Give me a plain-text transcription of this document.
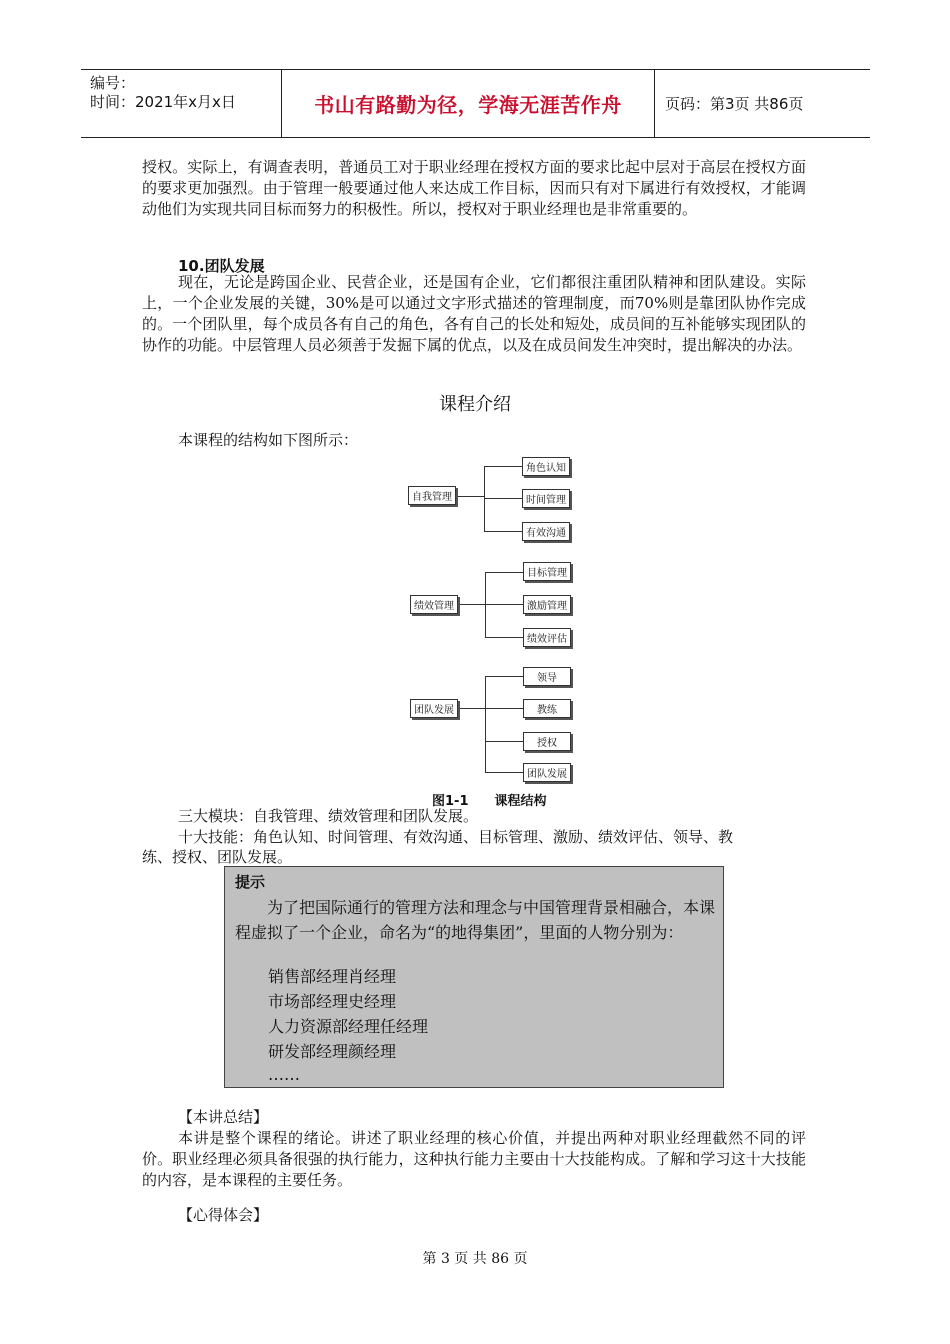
编号：
时间：2021年x月x日	书山有路勤为径，学海无涯苦作舟	页码：第3页 共86页

授权。实际上，有调查表明，普通员工对于职业经理在授权方面的要求比起中层对于高层在授权方面的要求更加强烈。由于管理一般要通过他人来达成工作目标，因而只有对下属进行有效授权，才能调动他们为实现共同目标而努力的积极性。所以，授权对于职业经理也是非常重要的。

10.团队发展

现在，无论是跨国企业、民营企业，还是国有企业，它们都很注重团队精神和团队建设。实际上，一个企业发展的关键，30%是可以通过文字形式描述的管理制度，而70%则是靠团队协作完成的。一个团队里，每个成员各有自己的角色，各有自己的长处和短处，成员间的互补能够实现团队的协作的功能。中层管理人员必须善于发掘下属的优点，以及在成员间发生冲突时，提出解决的办法。

课程介绍
本课程的结构如下图所示：
自我管理
角色认知
时间管理
有效沟通
绩效管理
目标管理
激励管理
绩效评估
团队发展
领导
教练
授权
团队发展
图1-1 课程结构
三大模块：自我管理、绩效管理和团队发展。
十大技能：角色认知、时间管理、有效沟通、目标管理、激励、绩效评估、领导、教
练、授权、团队发展。
提示

为了把国际通行的管理方法和理念与中国管理背景相融合，本课程虚拟了一个企业，命名为“的地得集团”，里面的人物分别为：

销售部经理肖经理
市场部经理史经理
人力资源部经理任经理
研发部经理颜经理
……
【本讲总结】

本讲是整个课程的绪论。讲述了职业经理的核心价值，并提出两种对职业经理截然不同的评价。职业经理必须具备很强的执行能力，这种执行能力主要由十大技能构成。了解和学习这十大技能的内容，是本课程的主要任务。

【心得体会】
第 3 页 共 86 页
